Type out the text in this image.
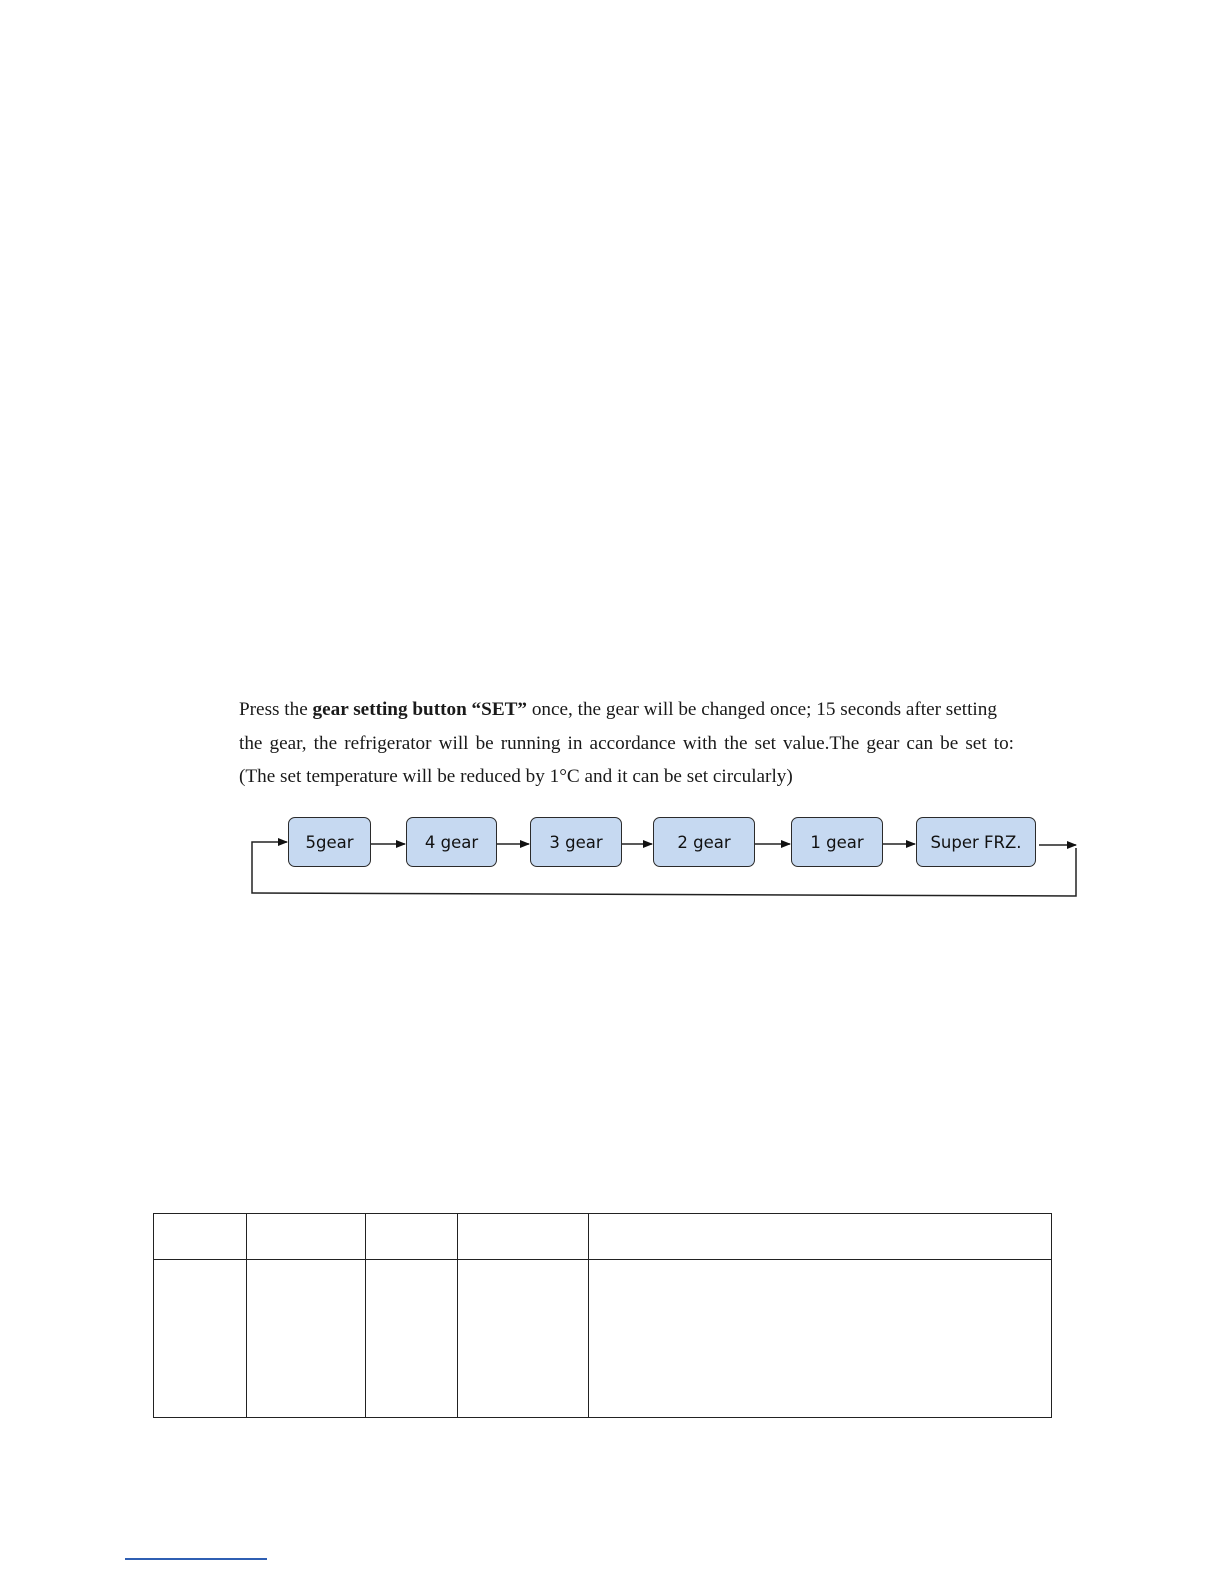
Press the gear setting button “SET” once, the gear will be changed once; 15 seconds after setting
the gear, the refrigerator will be running in accordance with the set value.The gear can be set to:
(The set temperature will be reduced by 1°C and it can be set circularly)
5gear	4 gear	3 gear	2 gear	1 gear	Super FRZ.
